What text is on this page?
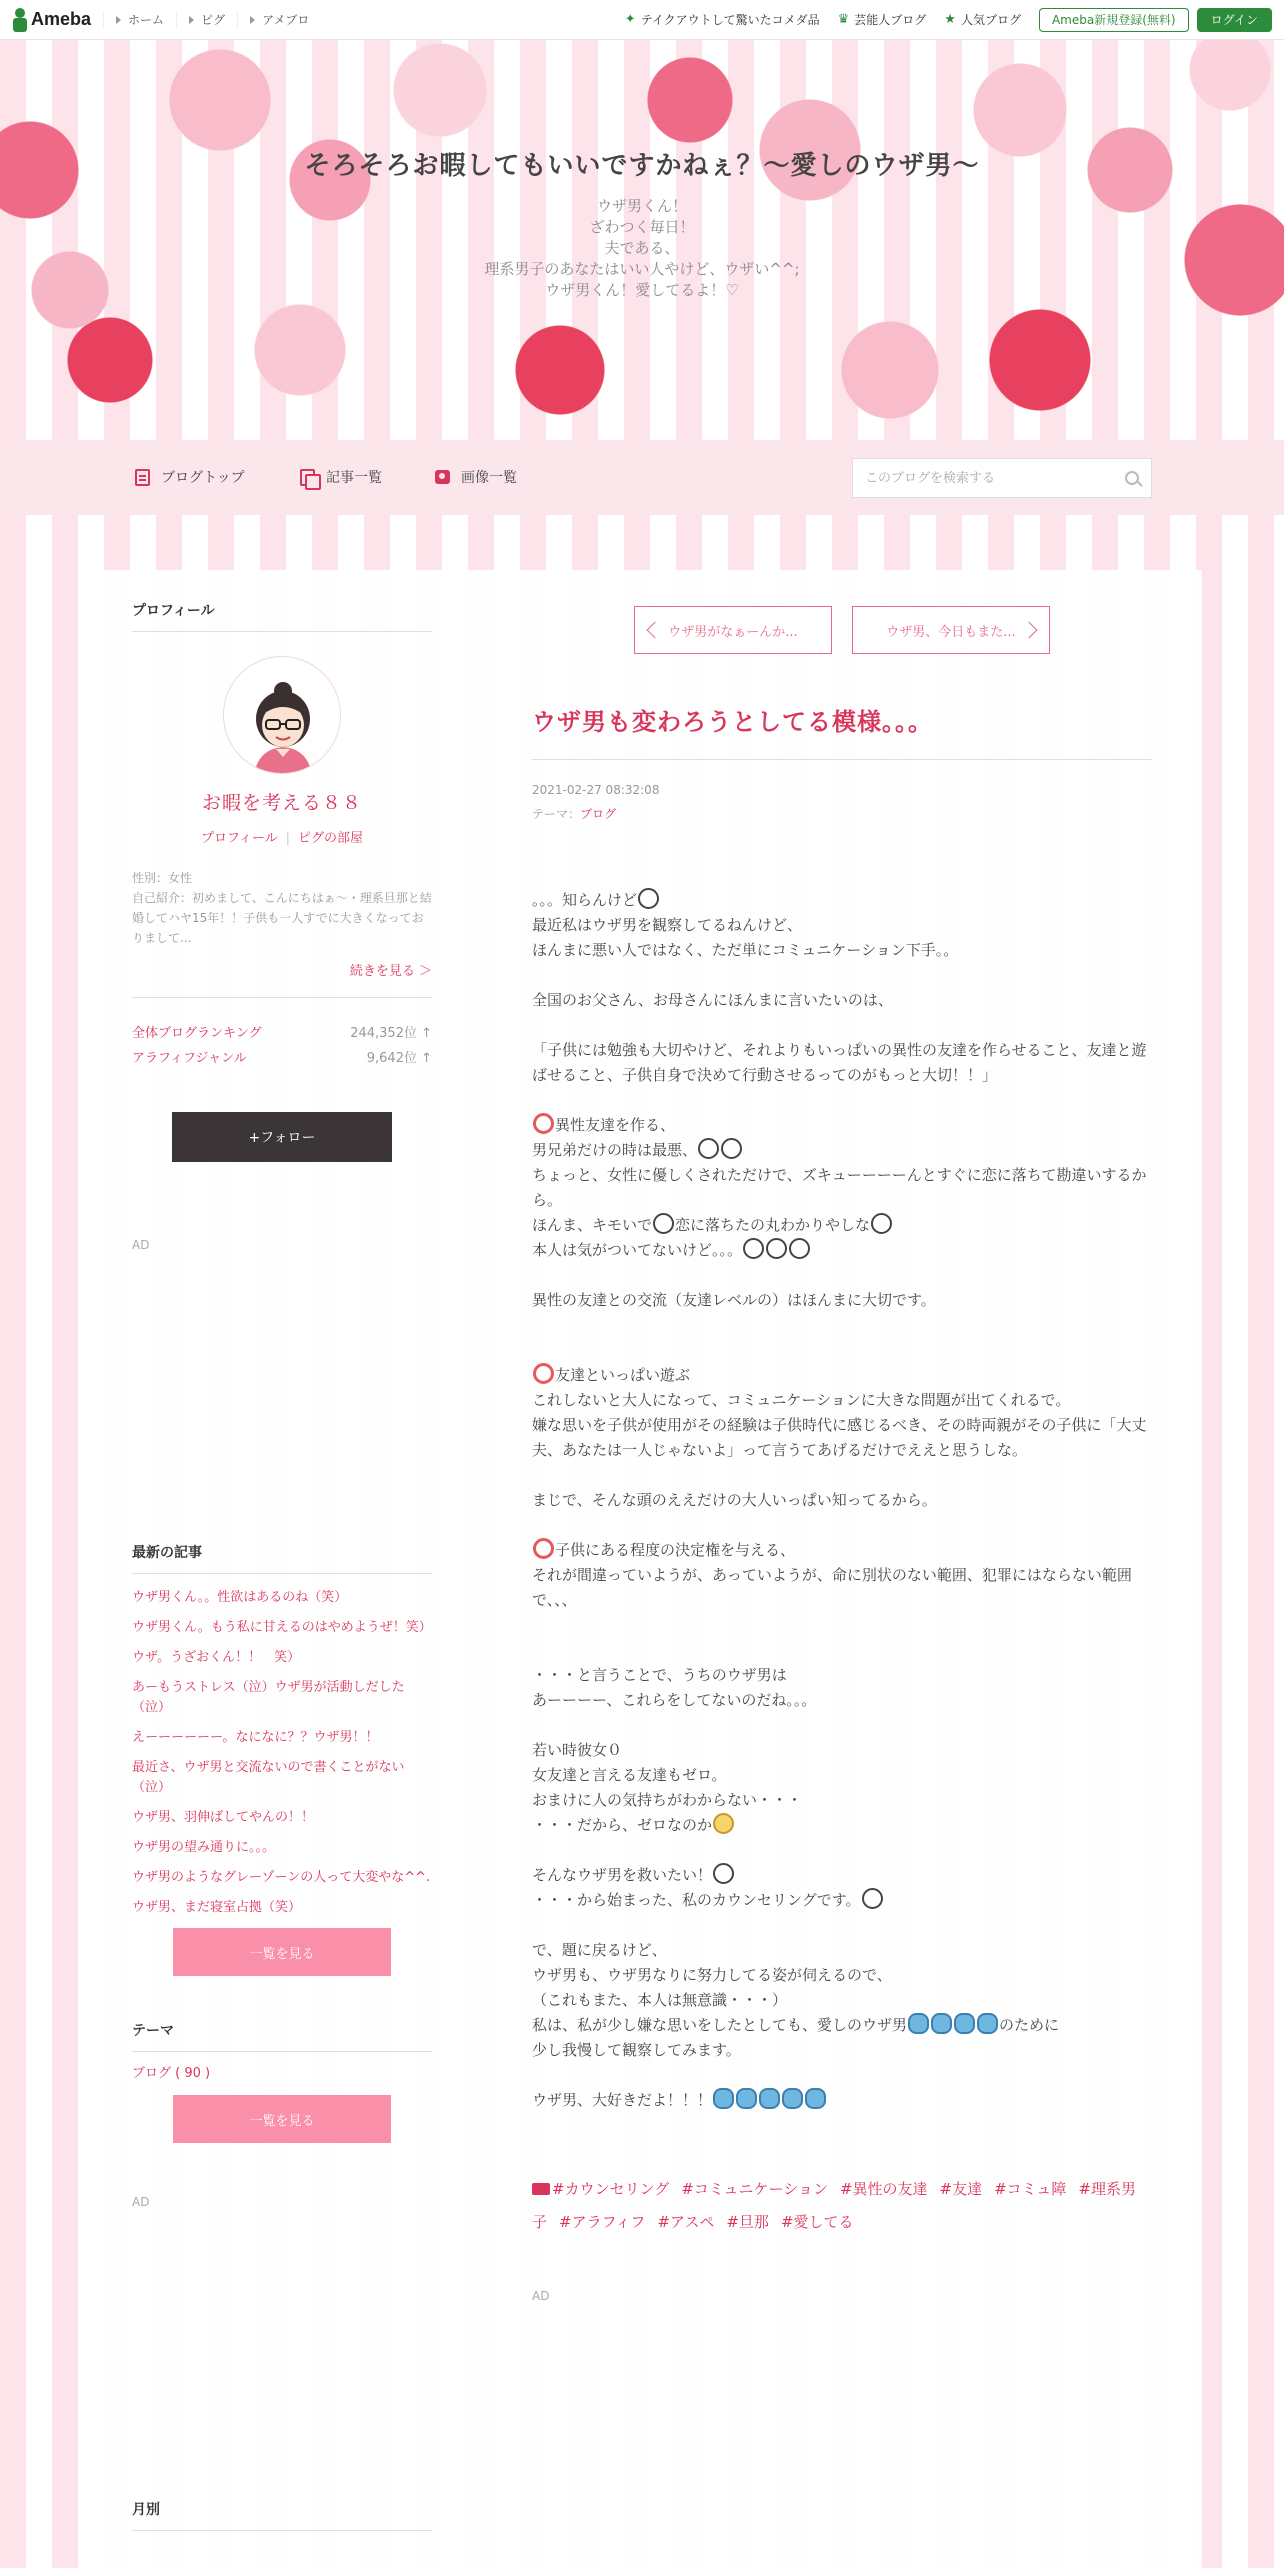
Ameba	ホーム	ピグ	アメブロ	✦ テイクアウトして驚いたコメダ品 ♛ 芸能人ブログ ★ 人気ブログ	Ameba新規登録(無料)	ログイン
そろそろお暇してもいいですかねぇ？〜愛しのウザ男〜
ウザ男くん！
ざわつく毎日！
夫である、
理系男子のあなたはいい人やけど、ウザい^^;
ウザ男くん！愛してるよ！♡
ブログトップ	記事一覧	画像一覧
このブログを検索する
プロフィール
お暇を考える８８
プロフィール | ピグの部屋
性別：女性
自己紹介：初めまして、こんにちはぁ〜・理系旦那と結婚してハヤ15年！！子供も一人すでに大きくなっておりまして...
続きを見る ＞
全体ブログランキング	244,352位 ↑
アラフィフジャンル	9,642位 ↑
+フォロー
AD
最新の記事
ウザ男くん。。性欲はあるのね（笑）
ウザ男くん。もう私に甘えるのはやめようぜ！笑）
ウザ。うざおくん！！　笑）
あーもうストレス（泣）ウザ男が活動しだした（泣）
えーーーーーー。なになに？？ウザ男！！
最近さ、ウザ男と交流ないので書くことがない（泣）
ウザ男、羽伸ばしてやんの！！
ウザ男の望み通りに。。。
ウザ男のようなグレーゾーンの人って大変やな^^.
ウザ男、まだ寝室占拠（笑）
一覧を見る
テーマ
ブログ ( 90 )
一覧を見る
AD
月別
ウザ男がなぁーんか...	ウザ男、今日もまた...
ウザ男も変わろうとしてる模様。。。
2021-02-27 08:32:08
テーマ：ブログ

。。。知らんけど

最近私はウザ男を観察してるねんけど、

ほんまに悪い人ではなく、ただ単にコミュニケーション下手。。

全国のお父さん、お母さんにほんまに言いたいのは、

「子供には勉強も大切やけど、それよりもいっぱいの異性の友達を作らせること、友達と遊ばせること、子供自身で決めて行動させるってのがもっと大切！！」

異性友達を作る、

男兄弟だけの時は最悪、

ちょっと、女性に優しくされただけで、ズキューーーーんとすぐに恋に落ちて勘違いするから。

ほんま、キモいで 恋に落ちたの丸わかりやしな

本人は気がついてないけど。。。

異性の友達との交流（友達レベルの）はほんまに大切です。

友達といっぱい遊ぶ

これしないと大人になって、コミュニケーションに大きな問題が出てくれるで。

嫌な思いを子供が使用がその経験は子供時代に感じるべき、その時両親がその子供に「大丈夫、あなたは一人じゃないよ」って言うてあげるだけでええと思うしな。

まじで、そんな頭のええだけの大人いっぱい知ってるから。

子供にある程度の決定権を与える、

それが間違っていようが、あっていようが、命に別状のない範囲、犯罪にはならない範囲で、、、

・・・と言うことで、うちのウザ男は

あーーーー、これらをしてないのだね。。。

若い時彼女０

女友達と言える友達もゼロ。

おまけに人の気持ちがわからない・・・

・・・だから、ゼロなのか

そんなウザ男を救いたい！

・・・から始まった、私のカウンセリングです。

で、題に戻るけど、

ウザ男も、ウザ男なりに努力してる姿が伺えるので、

（これもまた、本人は無意識・・・）

私は、私が少し嫌な思いをしたとしても、愛しのウザ男	のために

少し我慢して観察してみます。

ウザ男、大好きだよ！！！

#カウンセリング #コミュニケーション #異性の友達 #友達 #コミュ障 #理系男子 #アラフィフ #アスペ #旦那 #愛してる
AD
